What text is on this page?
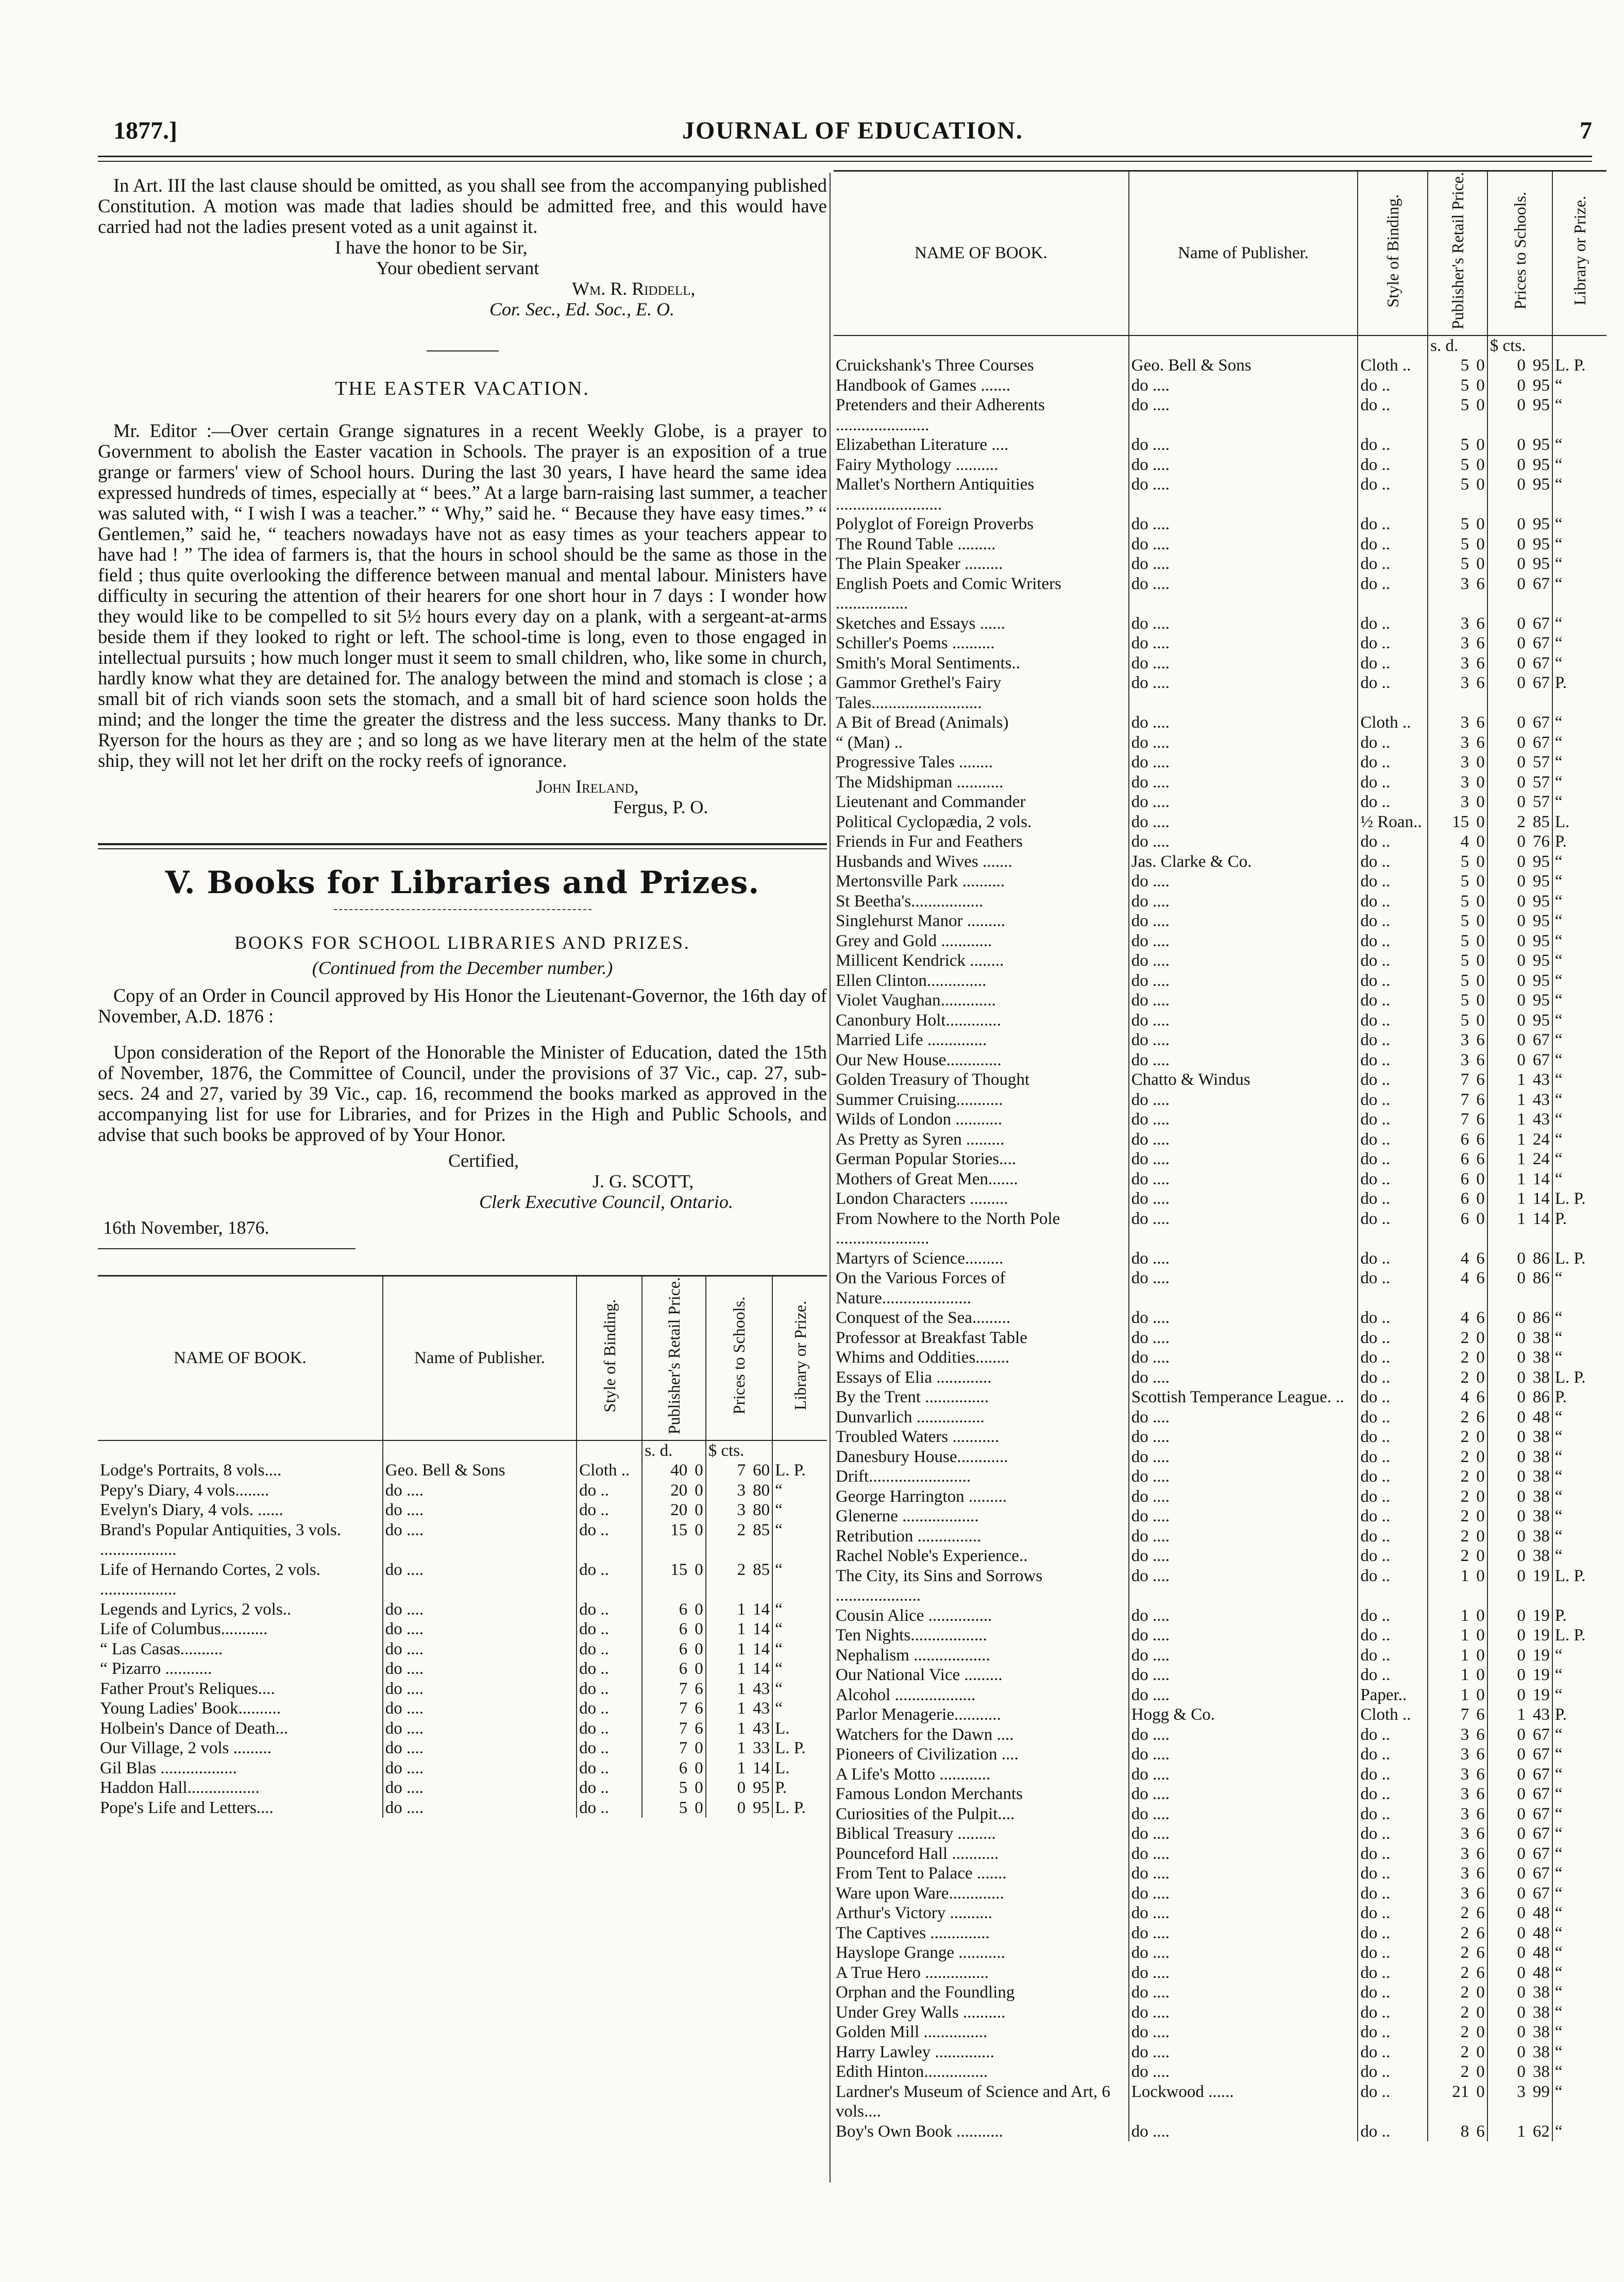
1877.]	JOURNAL OF EDUCATION.	7

In Art. III the last clause should be omitted, as you shall see from the accompanying published Constitution. A motion was made that ladies should be admitted free, and this would have carried had not the ladies present voted as a unit against it.

I have the honor to be Sir,

Your obedient servant

Wm. R. Riddell,

Cor. Sec., Ed. Soc., E. O.

THE EASTER VACATION.

Mr. Editor :—Over certain Grange signatures in a recent Weekly Globe, is a prayer to Government to abolish the Easter vacation in Schools. The prayer is an exposition of a true grange or farmers' view of School hours. During the last 30 years, I have heard the same idea expressed hundreds of times, especially at “ bees.” At a large barn-raising last summer, a teacher was saluted with, “ I wish I was a teacher.” “ Why,” said he. “ Because they have easy times.” “ Gentlemen,” said he, “ teachers nowadays have not as easy times as your teachers appear to have had ! ” The idea of farmers is, that the hours in school should be the same as those in the field ; thus quite overlooking the difference between manual and mental labour. Ministers have difficulty in securing the attention of their hearers for one short hour in 7 days : I wonder how they would like to be compelled to sit 5½ hours every day on a plank, with a sergeant-at-arms beside them if they looked to right or left. The school-time is long, even to those engaged in intellectual pursuits ; how much longer must it seem to small children, who, like some in church, hardly know what they are detained for. The analogy between the mind and stomach is close ; a small bit of rich viands soon sets the stomach, and a small bit of hard science soon holds the mind; and the longer the time the greater the distress and the less success. Many thanks to Dr. Ryerson for the hours as they are ; and so long as we have literary men at the helm of the state ship, they will not let her drift on the rocky reefs of ignorance.

John Ireland,

Fergus, P. O.

V. Books for Libraries and Prizes.

BOOKS FOR SCHOOL LIBRARIES AND PRIZES.

(Continued from the December number.)

Copy of an Order in Council approved by His Honor the Lieutenant-Governor, the 16th day of November, A.D. 1876 :

Upon consideration of the Report of the Honorable the Minister of Education, dated the 15th of November, 1876, the Committee of Council, under the provisions of 37 Vic., cap. 27, sub-secs. 24 and 27, varied by 39 Vic., cap. 16, recommend the books marked as approved in the accompanying list for use for Libraries, and for Prizes in the High and Public Schools, and advise that such books be approved of by Your Honor.

Certified,

J. G. SCOTT,

Clerk Executive Council, Ontario.

16th November, 1876.

NAME OF BOOK.	Name of Publisher.	Style of Binding.	Publisher's Retail Price.	Prices to Schools.	Library or Prize.
			s. d.	$ cts.	
Lodge's Portraits, 8 vols....	Geo. Bell & Sons	Cloth ..	40 0	7 60	L. P.
Pepy's Diary, 4 vols........	do ....	do ..	20 0	3 80	“
Evelyn's Diary, 4 vols. ......	do ....	do ..	20 0	3 80	“
Brand's Popular Antiquities, 3 vols. ..................	do ....	do ..	15 0	2 85	“
Life of Hernando Cortes, 2 vols. ..................	do ....	do ..	15 0	2 85	“
Legends and Lyrics, 2 vols..	do ....	do ..	6 0	1 14	“
Life of Columbus...........	do ....	do ..	6 0	1 14	“
“ Las Casas..........	do ....	do ..	6 0	1 14	“
“ Pizarro ...........	do ....	do ..	6 0	1 14	“
Father Prout's Reliques....	do ....	do ..	7 6	1 43	“
Young Ladies' Book..........	do ....	do ..	7 6	1 43	“
Holbein's Dance of Death...	do ....	do ..	7 6	1 43	L.
Our Village, 2 vols .........	do ....	do ..	7 0	1 33	L. P.
Gil Blas ..................	do ....	do ..	6 0	1 14	L.
Haddon Hall.................	do ....	do ..	5 0	0 95	P.
Pope's Life and Letters....	do ....	do ..	5 0	0 95	L. P.
NAME OF BOOK.	Name of Publisher.	Style of Binding.	Publisher's Retail Price.	Prices to Schools.	Library or Prize.
			s. d.	$ cts.	
Cruickshank's Three Courses	Geo. Bell & Sons	Cloth ..	5 0	0 95	L. P.
Handbook of Games .......	do ....	do ..	5 0	0 95	“
Pretenders and their Adherents ......................	do ....	do ..	5 0	0 95	“
Elizabethan Literature ....	do ....	do ..	5 0	0 95	“
Fairy Mythology ..........	do ....	do ..	5 0	0 95	“
Mallet's Northern Antiquities .........................	do ....	do ..	5 0	0 95	“
Polyglot of Foreign Proverbs	do ....	do ..	5 0	0 95	“
The Round Table .........	do ....	do ..	5 0	0 95	“
The Plain Speaker .........	do ....	do ..	5 0	0 95	“
English Poets and Comic Writers .................	do ....	do ..	3 6	0 67	“
Sketches and Essays ......	do ....	do ..	3 6	0 67	“
Schiller's Poems ..........	do ....	do ..	3 6	0 67	“
Smith's Moral Sentiments..	do ....	do ..	3 6	0 67	“
Gammor Grethel's Fairy Tales..........................	do ....	do ..	3 6	0 67	P.
A Bit of Bread (Animals)	do ....	Cloth ..	3 6	0 67	“
“ (Man) ..	do ....	do ..	3 6	0 67	“
Progressive Tales ........	do ....	do ..	3 0	0 57	“
The Midshipman ...........	do ....	do ..	3 0	0 57	“
Lieutenant and Commander	do ....	do ..	3 0	0 57	“
Political Cyclopædia, 2 vols.	do ....	½ Roan..	15 0	2 85	L.
Friends in Fur and Feathers	do ....	do ..	4 0	0 76	P.
Husbands and Wives .......	Jas. Clarke & Co.	do ..	5 0	0 95	“
Mertonsville Park ..........	do ....	do ..	5 0	0 95	“
St Beetha's.................	do ....	do ..	5 0	0 95	“
Singlehurst Manor .........	do ....	do ..	5 0	0 95	“
Grey and Gold ............	do ....	do ..	5 0	0 95	“
Millicent Kendrick ........	do ....	do ..	5 0	0 95	“
Ellen Clinton..............	do ....	do ..	5 0	0 95	“
Violet Vaughan.............	do ....	do ..	5 0	0 95	“
Canonbury Holt.............	do ....	do ..	5 0	0 95	“
Married Life ..............	do ....	do ..	3 6	0 67	“
Our New House.............	do ....	do ..	3 6	0 67	“
Golden Treasury of Thought	Chatto & Windus	do ..	7 6	1 43	“
Summer Cruising...........	do ....	do ..	7 6	1 43	“
Wilds of London ...........	do ....	do ..	7 6	1 43	“
As Pretty as Syren .........	do ....	do ..	6 6	1 24	“
German Popular Stories....	do ....	do ..	6 6	1 24	“
Mothers of Great Men.......	do ....	do ..	6 0	1 14	“
London Characters .........	do ....	do ..	6 0	1 14	L. P.
From Nowhere to the North Pole ......................	do ....	do ..	6 0	1 14	P.
Martyrs of Science.........	do ....	do ..	4 6	0 86	L. P.
On the Various Forces of Nature.....................	do ....	do ..	4 6	0 86	“
Conquest of the Sea.........	do ....	do ..	4 6	0 86	“
Professor at Breakfast Table	do ....	do ..	2 0	0 38	“
Whims and Oddities........	do ....	do ..	2 0	0 38	“
Essays of Elia .............	do ....	do ..	2 0	0 38	L. P.
By the Trent ...............	Scottish Temperance League. ..	do ..	4 6	0 86	P.
Dunvarlich ................	do ....	do ..	2 6	0 48	“
Troubled Waters ...........	do ....	do ..	2 0	0 38	“
Danesbury House............	do ....	do ..	2 0	0 38	“
Drift........................	do ....	do ..	2 0	0 38	“
George Harrington .........	do ....	do ..	2 0	0 38	“
Glenerne ..................	do ....	do ..	2 0	0 38	“
Retribution ...............	do ....	do ..	2 0	0 38	“
Rachel Noble's Experience..	do ....	do ..	2 0	0 38	“
The City, its Sins and Sorrows ....................	do ....	do ..	1 0	0 19	L. P.
Cousin Alice ...............	do ....	do ..	1 0	0 19	P.
Ten Nights..................	do ....	do ..	1 0	0 19	L. P.
Nephalism ..................	do ....	do ..	1 0	0 19	“
Our National Vice .........	do ....	do ..	1 0	0 19	“
Alcohol ...................	do ....	Paper..	1 0	0 19	“
Parlor Menagerie...........	Hogg & Co.	Cloth ..	7 6	1 43	P.
Watchers for the Dawn ....	do ....	do ..	3 6	0 67	“
Pioneers of Civilization ....	do ....	do ..	3 6	0 67	“
A Life's Motto ............	do ....	do ..	3 6	0 67	“
Famous London Merchants	do ....	do ..	3 6	0 67	“
Curiosities of the Pulpit....	do ....	do ..	3 6	0 67	“
Biblical Treasury .........	do ....	do ..	3 6	0 67	“
Pounceford Hall ...........	do ....	do ..	3 6	0 67	“
From Tent to Palace .......	do ....	do ..	3 6	0 67	“
Ware upon Ware.............	do ....	do ..	3 6	0 67	“
Arthur's Victory ..........	do ....	do ..	2 6	0 48	“
The Captives ..............	do ....	do ..	2 6	0 48	“
Hayslope Grange ...........	do ....	do ..	2 6	0 48	“
A True Hero ...............	do ....	do ..	2 6	0 48	“
Orphan and the Foundling	do ....	do ..	2 0	0 38	“
Under Grey Walls ..........	do ....	do ..	2 0	0 38	“
Golden Mill ...............	do ....	do ..	2 0	0 38	“
Harry Lawley ..............	do ....	do ..	2 0	0 38	“
Edith Hinton...............	do ....	do ..	2 0	0 38	“
Lardner's Museum of Science and Art, 6 vols....	Lockwood ......	do ..	21 0	3 99	“
Boy's Own Book ...........	do ....	do ..	8 6	1 62	“
